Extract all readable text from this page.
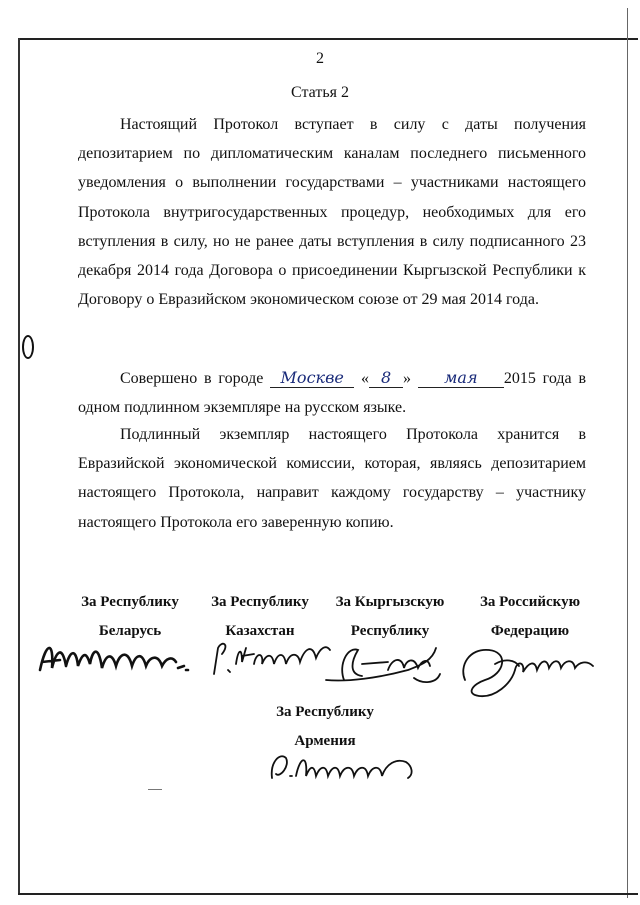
2
Статья 2
Настоящий Протокол вступает в силу с даты получения депозитарием по дипломатическим каналам последнего письменного уведомления о выполнении государствами – участниками настоящего Протокола внутригосударственных процедур, необходимых для его вступления в силу, но не ранее даты вступления в силу подписанного 23 декабря 2014 года Договора о присоединении Кыргызской Республики к Договору о Евразийском экономическом союзе от 29 мая 2014 года.
Совершено в городе Москве « 8 » мая 2015 года в одном подлинном экземпляре на русском языке.
Подлинный экземпляр настоящего Протокола хранится в Евразийской экономической комиссии, которая, являясь депозитарием настоящего Протокола, направит каждому государству – участнику настоящего Протокола его заверенную копию.
За Республику
Беларусь
За Республику
Казахстан
За Кыргызскую
Республику
За Российскую
Федерацию
За Республику
Армения
